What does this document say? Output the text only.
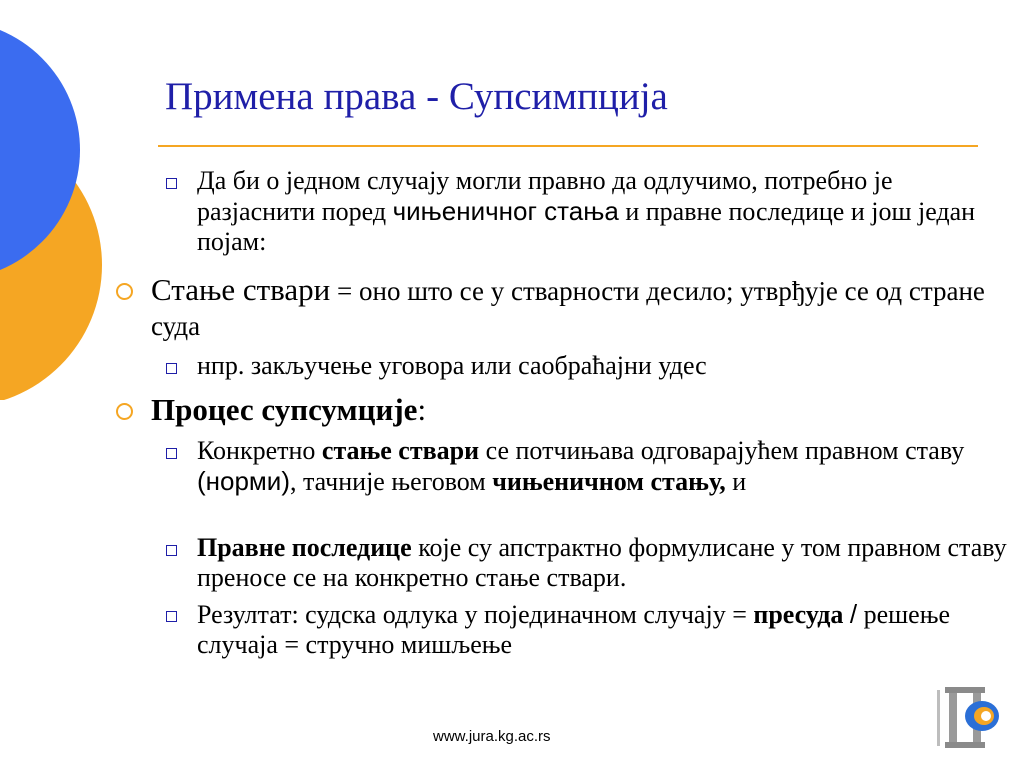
Примена права - Супсимпција
Да би о једном случају могли правно да одлучимо, потребно је разјаснити поред чињеничног стања и правне последице и још један појам:
Стање ствари = оно што се у стварности десило; утврђује се од стране суда
нпр. закључење уговора или саобраћајни удес
Процес супсумције:
Конкретно стање ствари се потчињава одговарајућем правном ставу (норми), тачније његовом чињеничном стању, и
Правне последице које су апстрактно формулисане у том правном ставу преносе се на конкретно стање ствари.
Резултат: судска одлука у појединачном случају = пресуда / решење случаја = стручно мишљење
www.jura.kg.ac.rs
